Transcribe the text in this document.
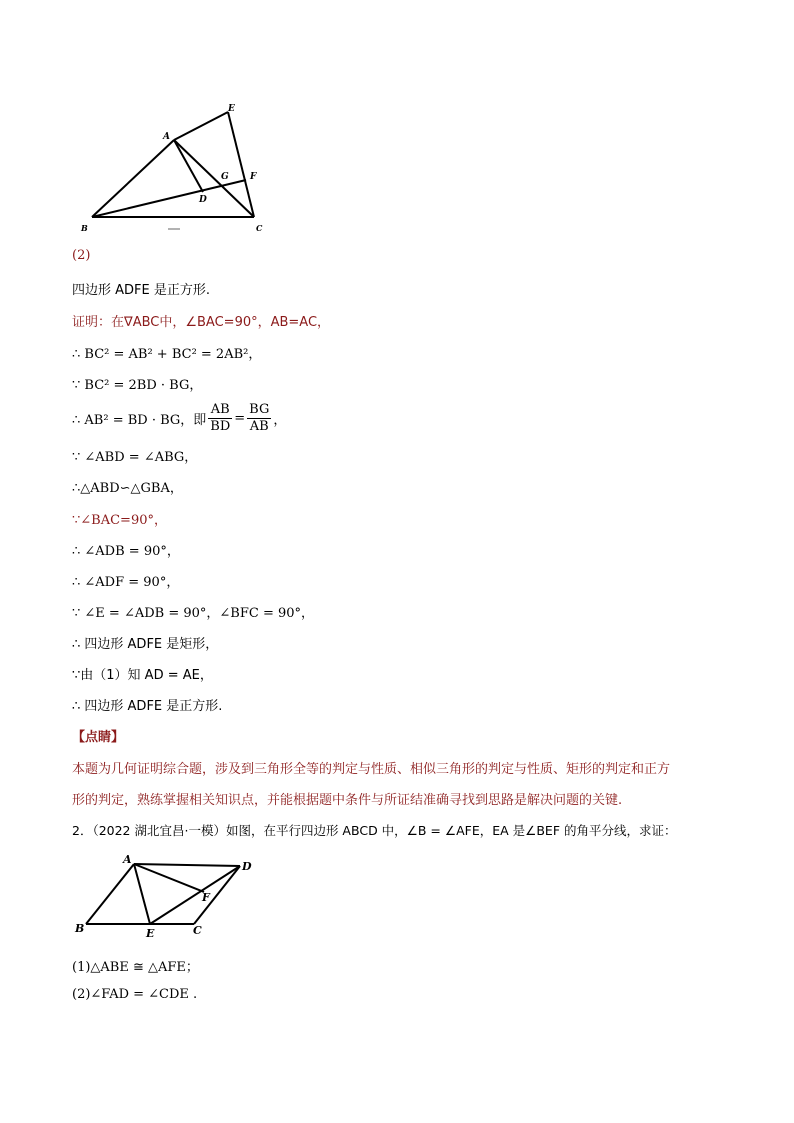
E
A
G F
D
B	C
(2)
四边形 ADFE 是正方形.
证明：在∇ABC中，∠BAC=90°，AB=AC，
∴ BC² = AB² + BC² = 2AB²，
∵ BC² = 2BD · BG，
∴ AB² = BD · BG，即 $\frac{AB}{BD} = \frac{BG}{AB}$ ，
∵ ∠ABD = ∠ABG，
∴△ABD∽△GBA，
∵∠BAC=90°，
∴ ∠ADB = 90°，
∴ ∠ADF = 90°，
∵ ∠E = ∠ADB = 90°，∠BFC = 90°，
∴ 四边形 ADFE 是矩形，
∵由（1）知 AD = AE，
∴ 四边形 ADFE 是正方形.
【点睛】
本题为几何证明综合题，涉及到三角形全等的判定与性质、相似三角形的判定与性质、矩形的判定和正方
形的判定，熟练掌握相关知识点，并能根据题中条件与所证结准确寻找到思路是解决问题的关键.
2．（2022 湖北宜昌·一模）如图，在平行四边形 ABCD 中，∠B = ∠AFE，EA 是∠BEF 的角平分线，求证：
A
D
F
B	E	C
(1)△ABE ≅ △AFE；
(2)∠FAD = ∠CDE .
